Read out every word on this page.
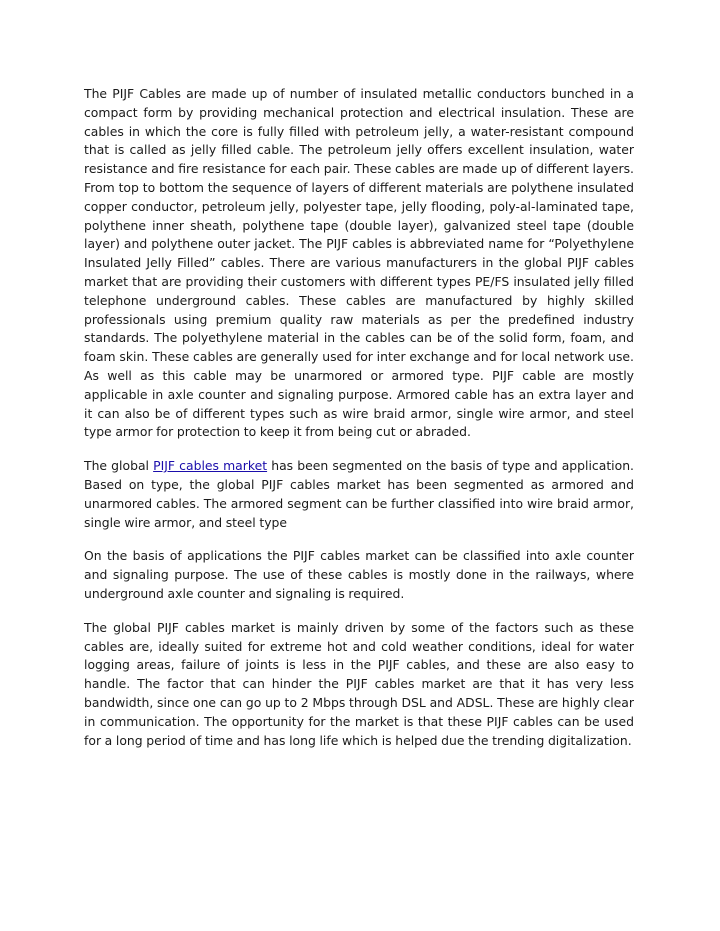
The PIJF Cables are made up of number of insulated metallic conductors bunched in a compact form by providing mechanical protection and electrical insulation. These are cables in which the core is fully filled with petroleum jelly, a water-resistant compound that is called as jelly filled cable. The petroleum jelly offers excellent insulation, water resistance and fire resistance for each pair. These cables are made up of different layers. From top to bottom the sequence of layers of different materials are polythene insulated copper conductor, petroleum jelly, polyester tape, jelly flooding, poly-al-laminated tape, polythene inner sheath, polythene tape (double layer), galvanized steel tape (double layer) and polythene outer jacket. The PIJF cables is abbreviated name for “Polyethylene Insulated Jelly Filled” cables. There are various manufacturers in the global PIJF cables market that are providing their customers with different types PE/FS insulated jelly filled telephone underground cables. These cables are manufactured by highly skilled professionals using premium quality raw materials as per the predefined industry standards. The polyethylene material in the cables can be of the solid form, foam, and foam skin. These cables are generally used for inter exchange and for local network use. As well as this cable may be unarmored or armored type. PIJF cable are mostly applicable in axle counter and signaling purpose. Armored cable has an extra layer and it can also be of different types such as wire braid armor, single wire armor, and steel type armor for protection to keep it from being cut or abraded.

The global PIJF cables market has been segmented on the basis of type and application. Based on type, the global PIJF cables market has been segmented as armored and unarmored cables. The armored segment can be further classified into wire braid armor, single wire armor, and steel type

On the basis of applications the PIJF cables market can be classified into axle counter and signaling purpose. The use of these cables is mostly done in the railways, where underground axle counter and signaling is required.

The global PIJF cables market is mainly driven by some of the factors such as these cables are, ideally suited for extreme hot and cold weather conditions, ideal for water logging areas, failure of joints is less in the PIJF cables, and these are also easy to handle. The factor that can hinder the PIJF cables market are that it has very less bandwidth, since one can go up to 2 Mbps through DSL and ADSL. These are highly clear in communication. The opportunity for the market is that these PIJF cables can be used for a long period of time and has long life which is helped due the trending digitalization.
